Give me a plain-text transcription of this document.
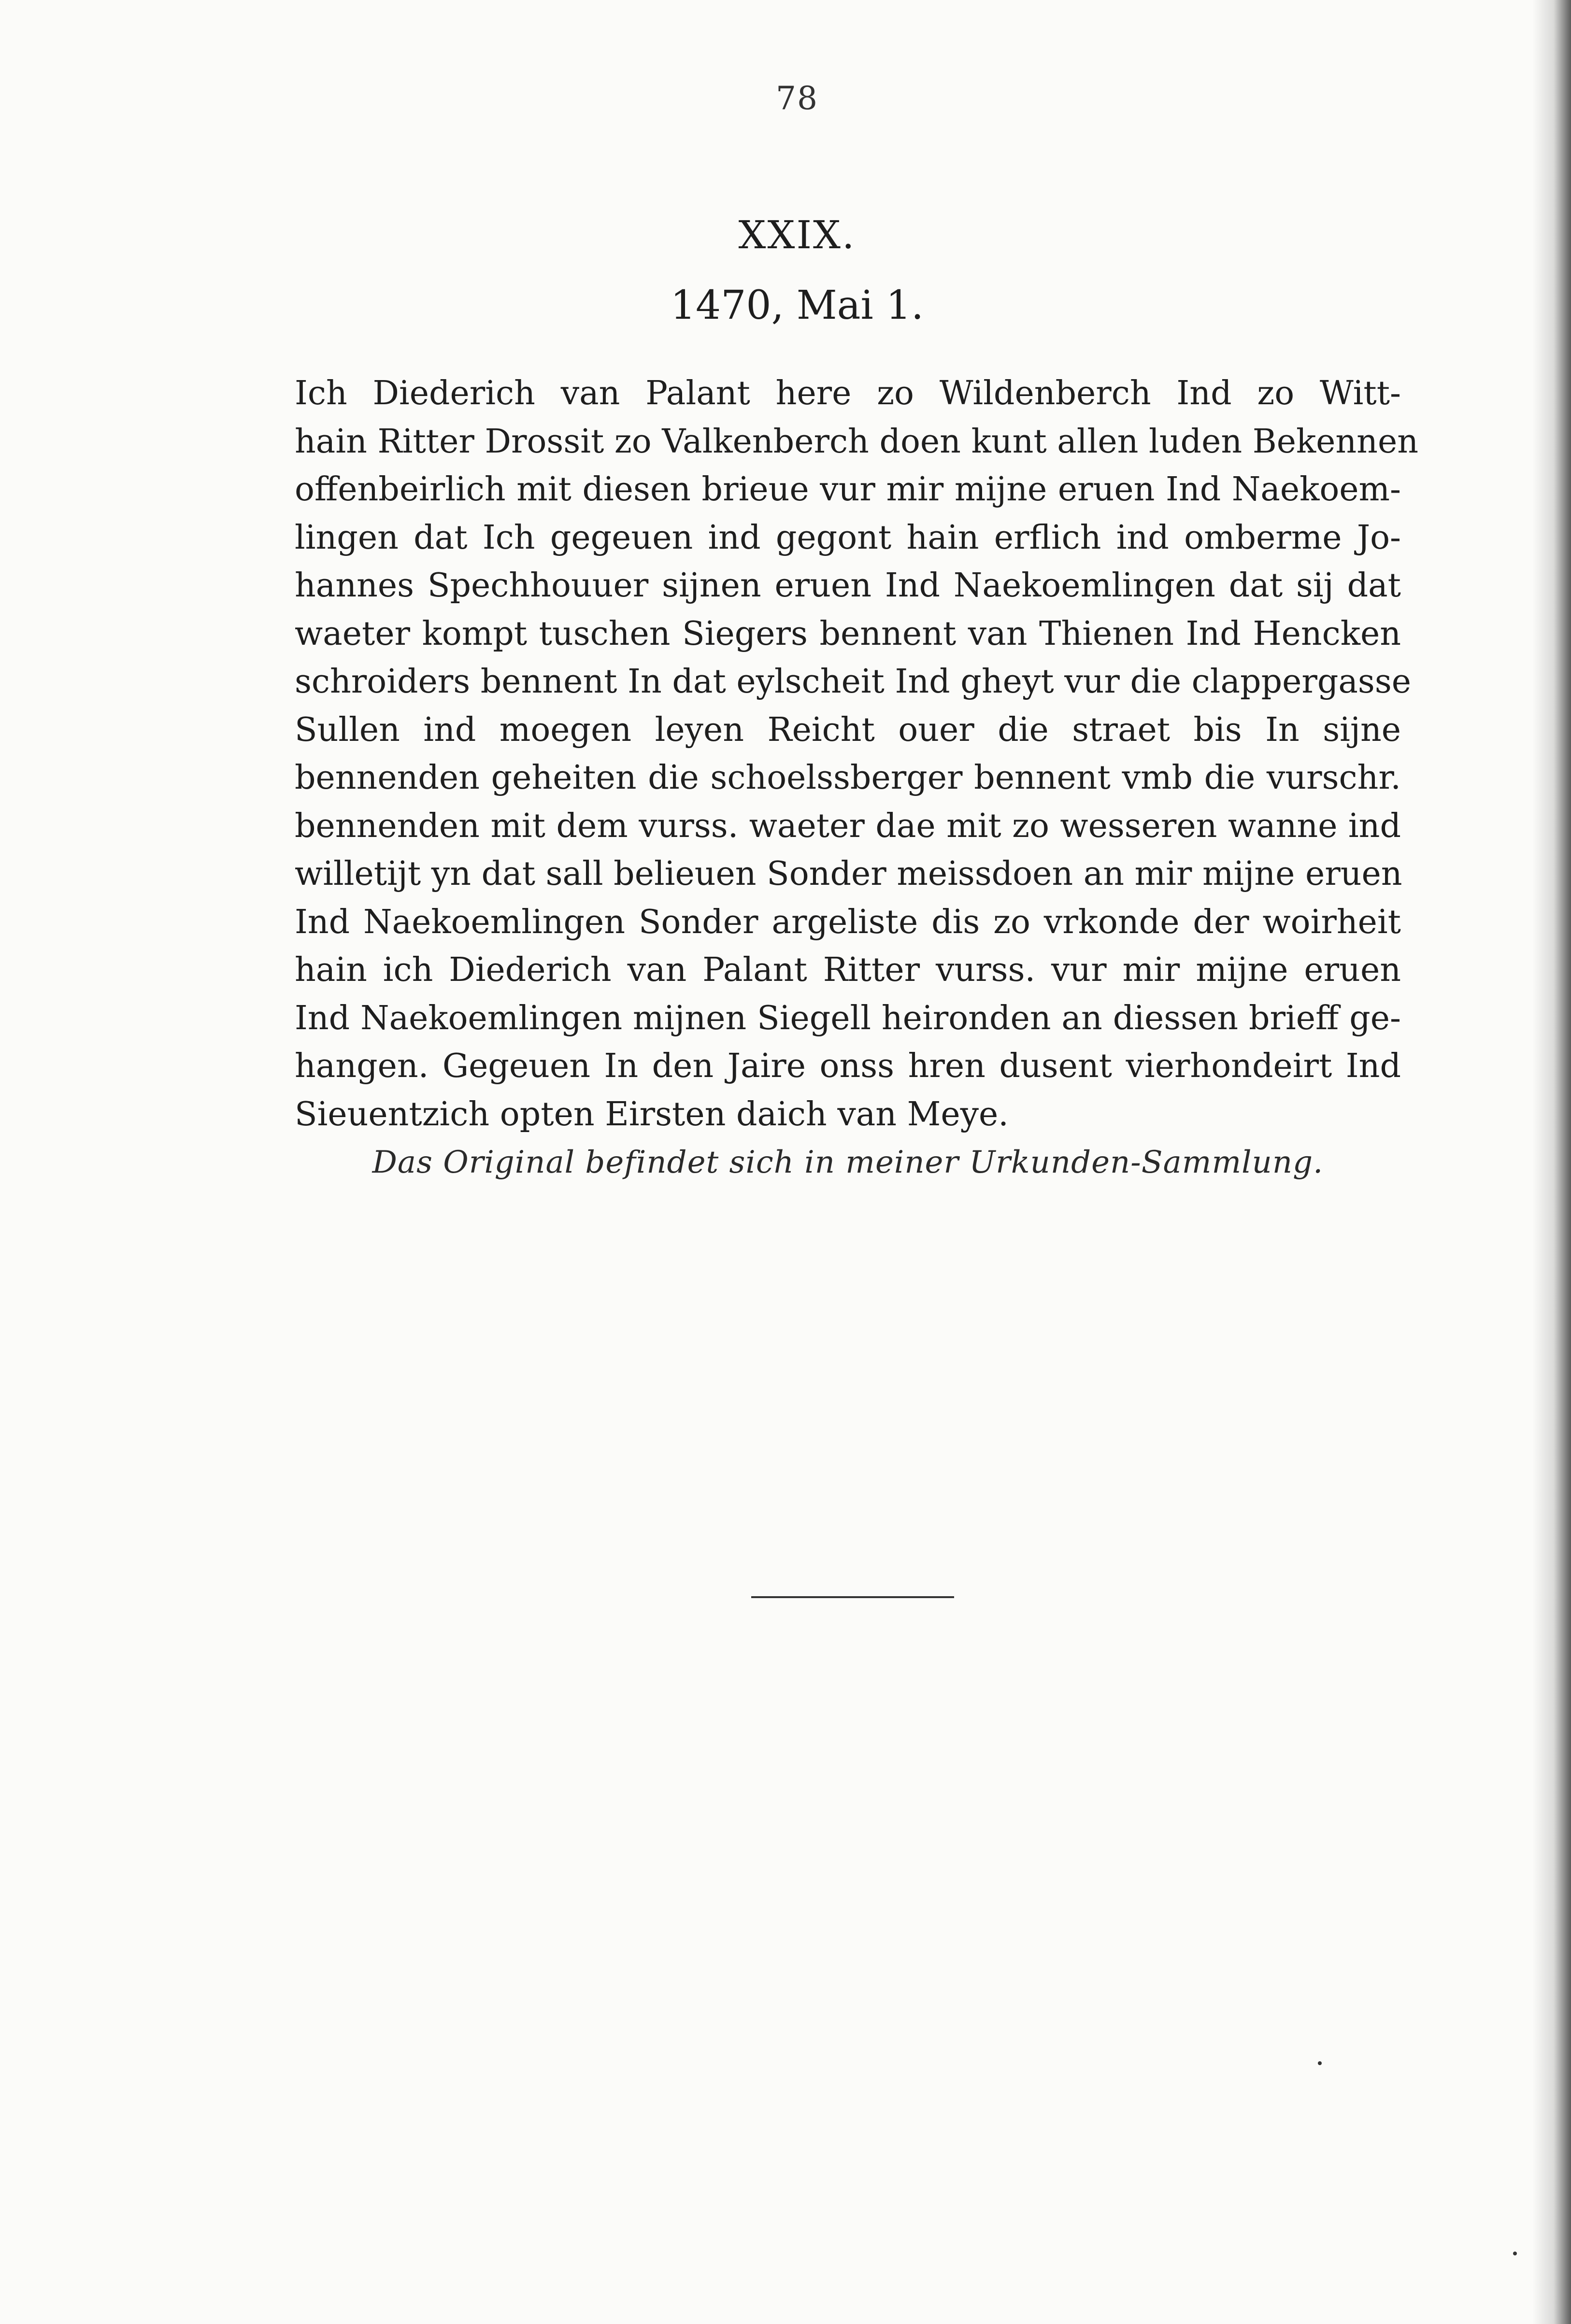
78
XXIX.
1470, Mai 1.
Ich Diederich van Palant here zo Wildenberch Ind zo Witt-
hain Ritter Drossit zo Valkenberch doen kunt allen luden Bekennen
offenbeirlich mit diesen brieue vur mir mijne eruen Ind Naekoem-
lingen dat Ich gegeuen ind gegont hain erflich ind omberme Jo-
hannes Spechhouuer sijnen eruen Ind Naekoemlingen dat sij dat
waeter kompt tuschen Siegers bennent van Thienen Ind Hencken
schroiders bennent In dat eylscheit Ind gheyt vur die clappergasse
Sullen ind moegen leyen Reicht ouer die straet bis In sijne
bennenden geheiten die schoelssberger bennent vmb die vurschr.
bennenden mit dem vurss. waeter dae mit zo wesseren wanne ind
willetijt yn dat sall belieuen Sonder meissdoen an mir mijne eruen
Ind Naekoemlingen Sonder argeliste dis zo vrkonde der woirheit
hain ich Diederich van Palant Ritter vurss. vur mir mijne eruen
Ind Naekoemlingen mijnen Siegell heironden an diessen brieff ge-
hangen. Gegeuen In den Jaire onss hren dusent vierhondeirt Ind
Sieuentzich opten Eirsten daich van Meye.
Das Original befindet sich in meiner Urkunden-Sammlung.
